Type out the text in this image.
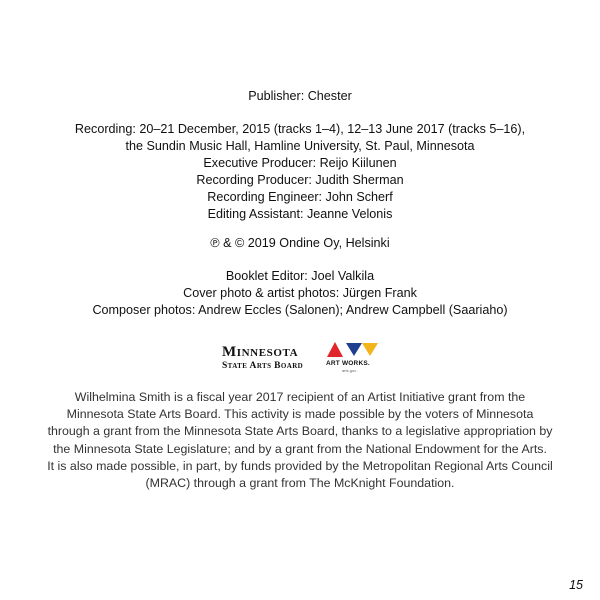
Publisher: Chester
Recording: 20–21 December, 2015 (tracks 1–4), 12–13 June 2017 (tracks 5–16),
the Sundin Music Hall, Hamline University, St. Paul, Minnesota
Executive Producer: Reijo Kiilunen
Recording Producer: Judith Sherman
Recording Engineer: John Scherf
Editing Assistant: Jeanne Velonis
℗ & © 2019 Ondine Oy, Helsinki
Booklet Editor: Joel Valkila
Cover photo & artist photos: Jürgen Frank
Composer photos: Andrew Eccles (Salonen); Andrew Campbell (Saariaho)
Minnesota
State Arts Board	ART WORKS.
arts.gov
Wilhelmina Smith is a fiscal year 2017 recipient of an Artist Initiative grant from the
Minnesota State Arts Board. This activity is made possible by the voters of Minnesota
through a grant from the Minnesota State Arts Board, thanks to a legislative appropriation by
the Minnesota State Legislature; and by a grant from the National Endowment for the Arts.
It is also made possible, in part, by funds provided by the Metropolitan Regional Arts Council
(MRAC) through a grant from The McKnight Foundation.
15
